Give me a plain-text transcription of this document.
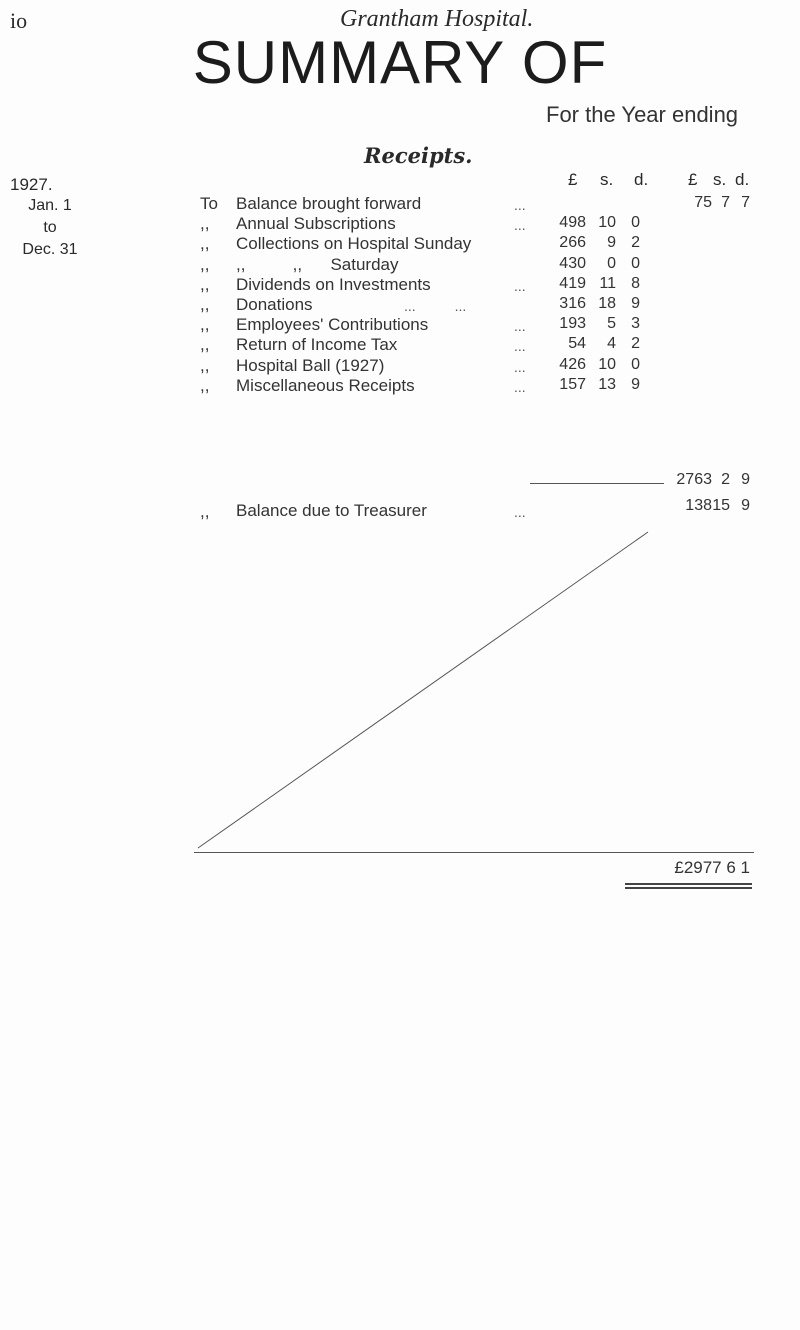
io	Grantham Hospital.
SUMMARY OF
For the Year ending
Receipts.
1927.
Jan. 1
to
Dec. 31
£ s. d. £ s. d.
To Balance brought forward	...	75 7 7
,, Annual Subscriptions	...	498 10 0
,, Collections on Hospital Sunday	266	9 2
,, ,,          ,,      Saturday	430	0 0
,, Dividends on Investments	...	419 11 8
,, Donations	...          ...	316 18 9
,, Employees' Contributions	...	193	5 3
,, Return of Income Tax	...	54	4 2
,, Hospital Ball (1927)	...	426 10 0
,, Miscellaneous Receipts	...	157 13 9
2763 2 9
,, Balance due to Treasurer	...	138 15 9
£2977 6 1
